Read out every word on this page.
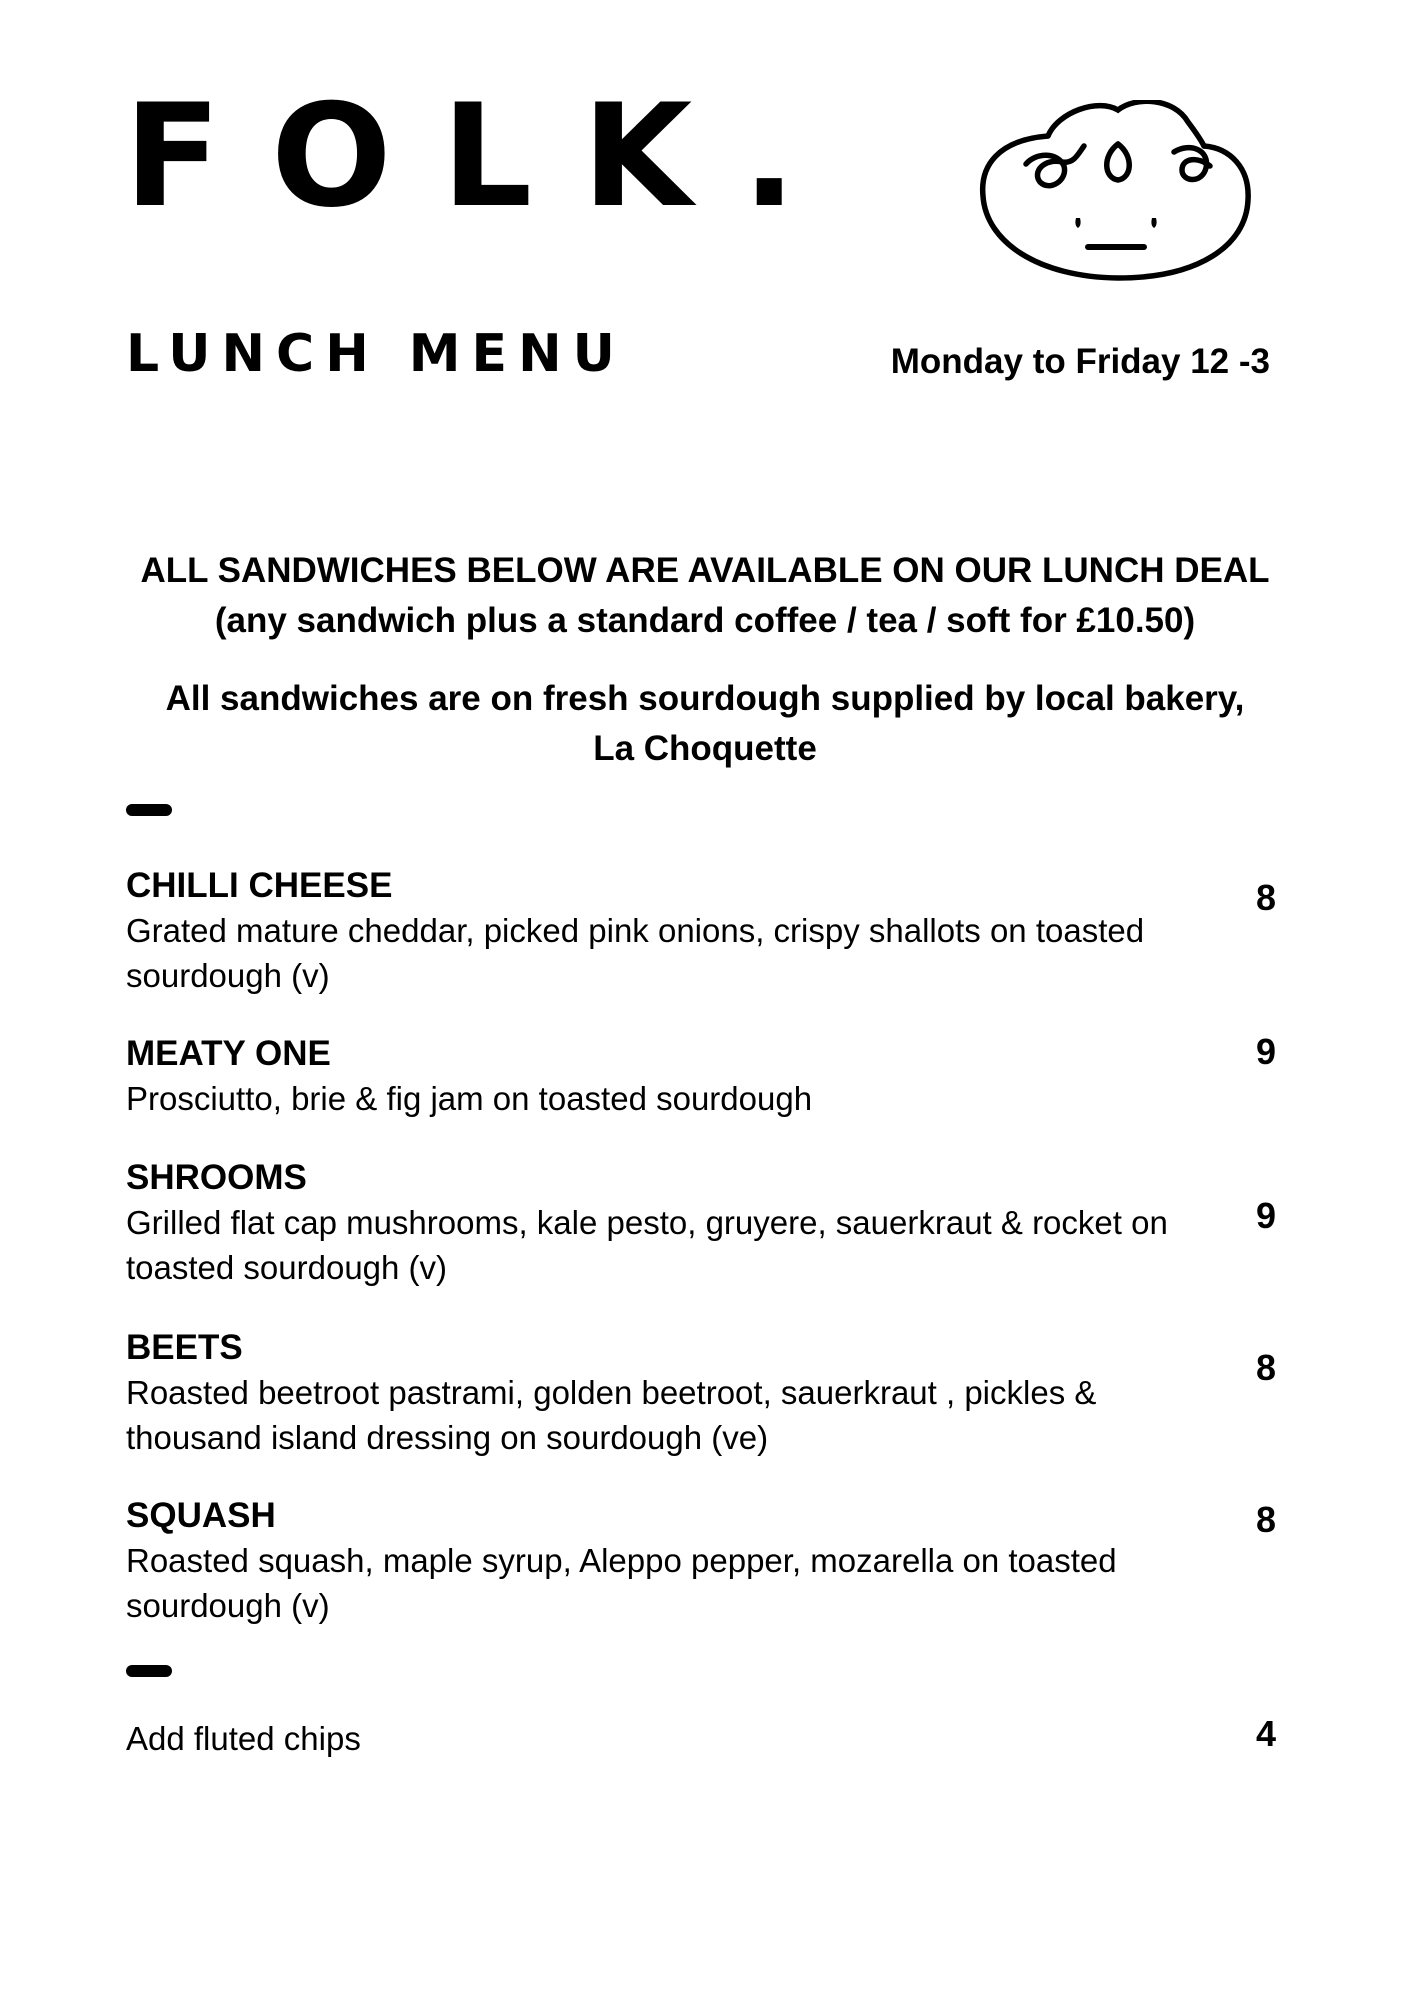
FOLK.
LUNCH MENU	Monday to Friday 12 -3
ALL SANDWICHES BELOW ARE AVAILABLE ON OUR LUNCH DEAL
(any sandwich plus a standard coffee / tea / soft for £10.50)
All sandwiches are on fresh sourdough supplied by local bakery,
La Choquette
CHILLI CHEESE
Grated mature cheddar, picked pink onions, crispy shallots on toasted sourdough (v)
8
MEATY ONE
Prosciutto, brie & fig jam on toasted sourdough
9
SHROOMS
Grilled flat cap mushrooms, kale pesto, gruyere, sauerkraut & rocket on toasted sourdough (v)
9
BEETS
Roasted beetroot pastrami, golden beetroot, sauerkraut , pickles & thousand island dressing on sourdough (ve)
8
SQUASH
Roasted squash, maple syrup, Aleppo pepper, mozarella on toasted sourdough (v)
8
Add fluted chips	4
